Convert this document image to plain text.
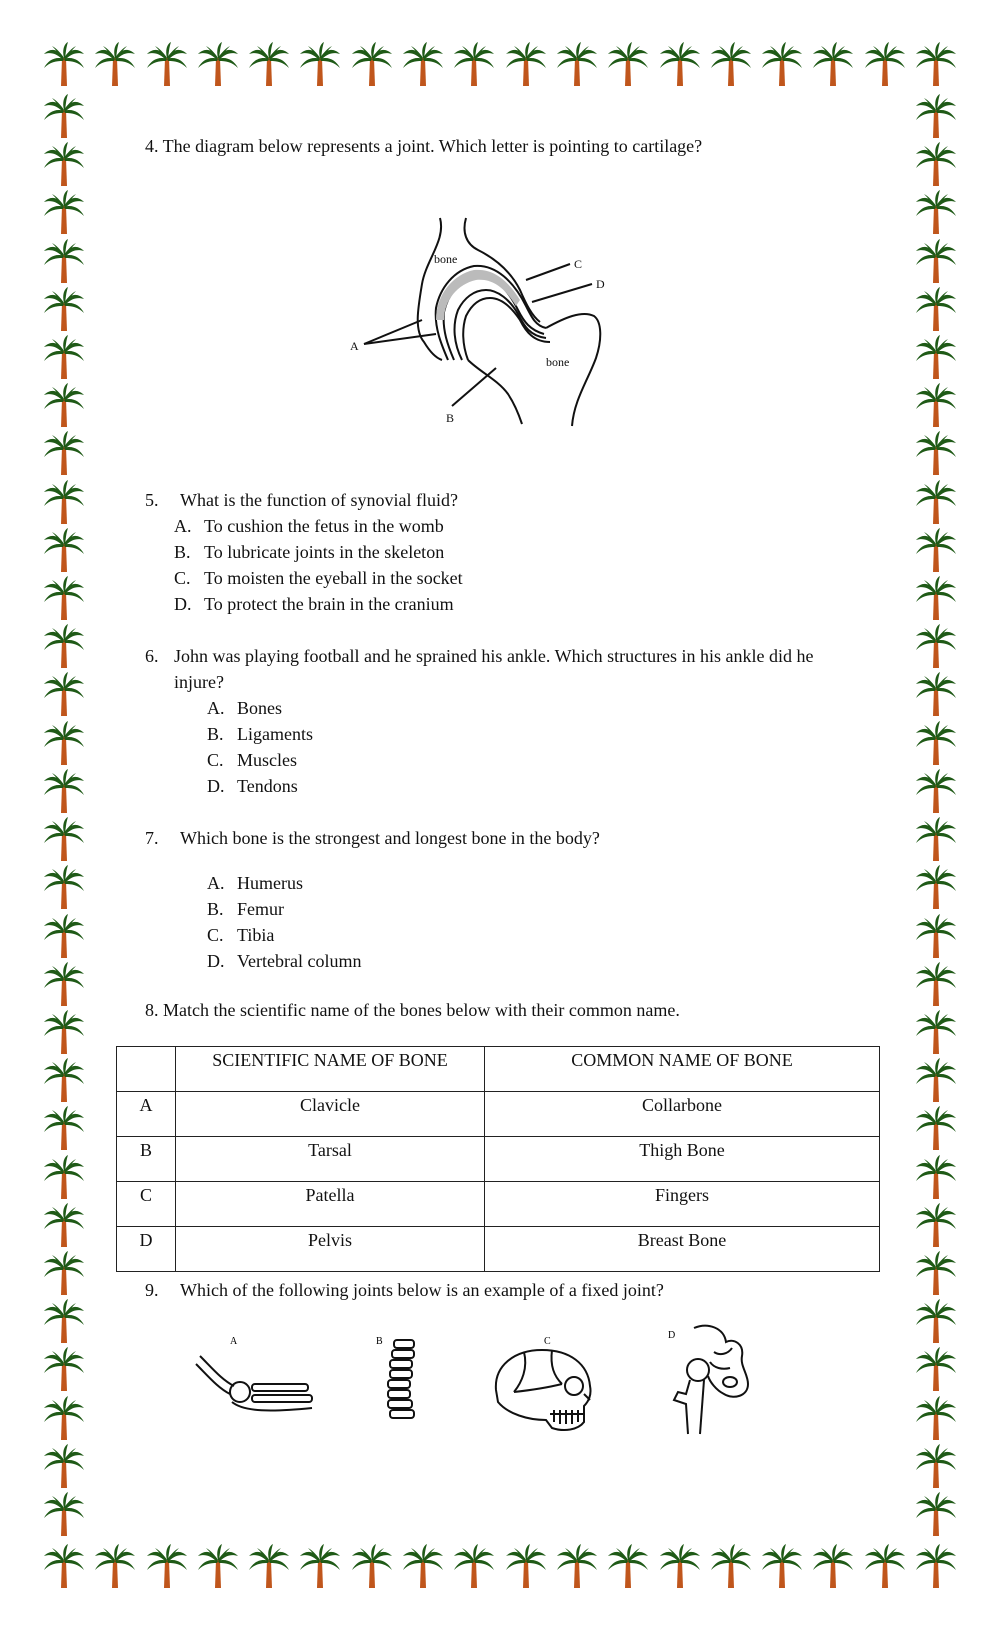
4. The diagram below represents a joint. Which letter is pointing to cartilage?
bone
bone
A
B
C
D
5. What is the function of synovial fluid?
A. To cushion the fetus in the womb
B. To lubricate joints in the skeleton
C. To moisten the eyeball in the socket
D. To protect the brain in the cranium
6. John was playing football and he sprained his ankle. Which structures in his ankle did he
injure?
A. Bones
B. Ligaments
C. Muscles
D. Tendons
7. Which bone is the strongest and longest bone in the body?
A. Humerus
B. Femur
C. Tibia
D. Vertebral column
8. Match the scientific name of the bones below with their common name.
	SCIENTIFIC NAME OF BONE	COMMON NAME OF BONE
A	Clavicle	Collarbone
B	Tarsal	Thigh Bone
C	Patella	Fingers
D	Pelvis	Breast Bone
9. Which of the following joints below is an example of a fixed joint?
A	B	C
D
